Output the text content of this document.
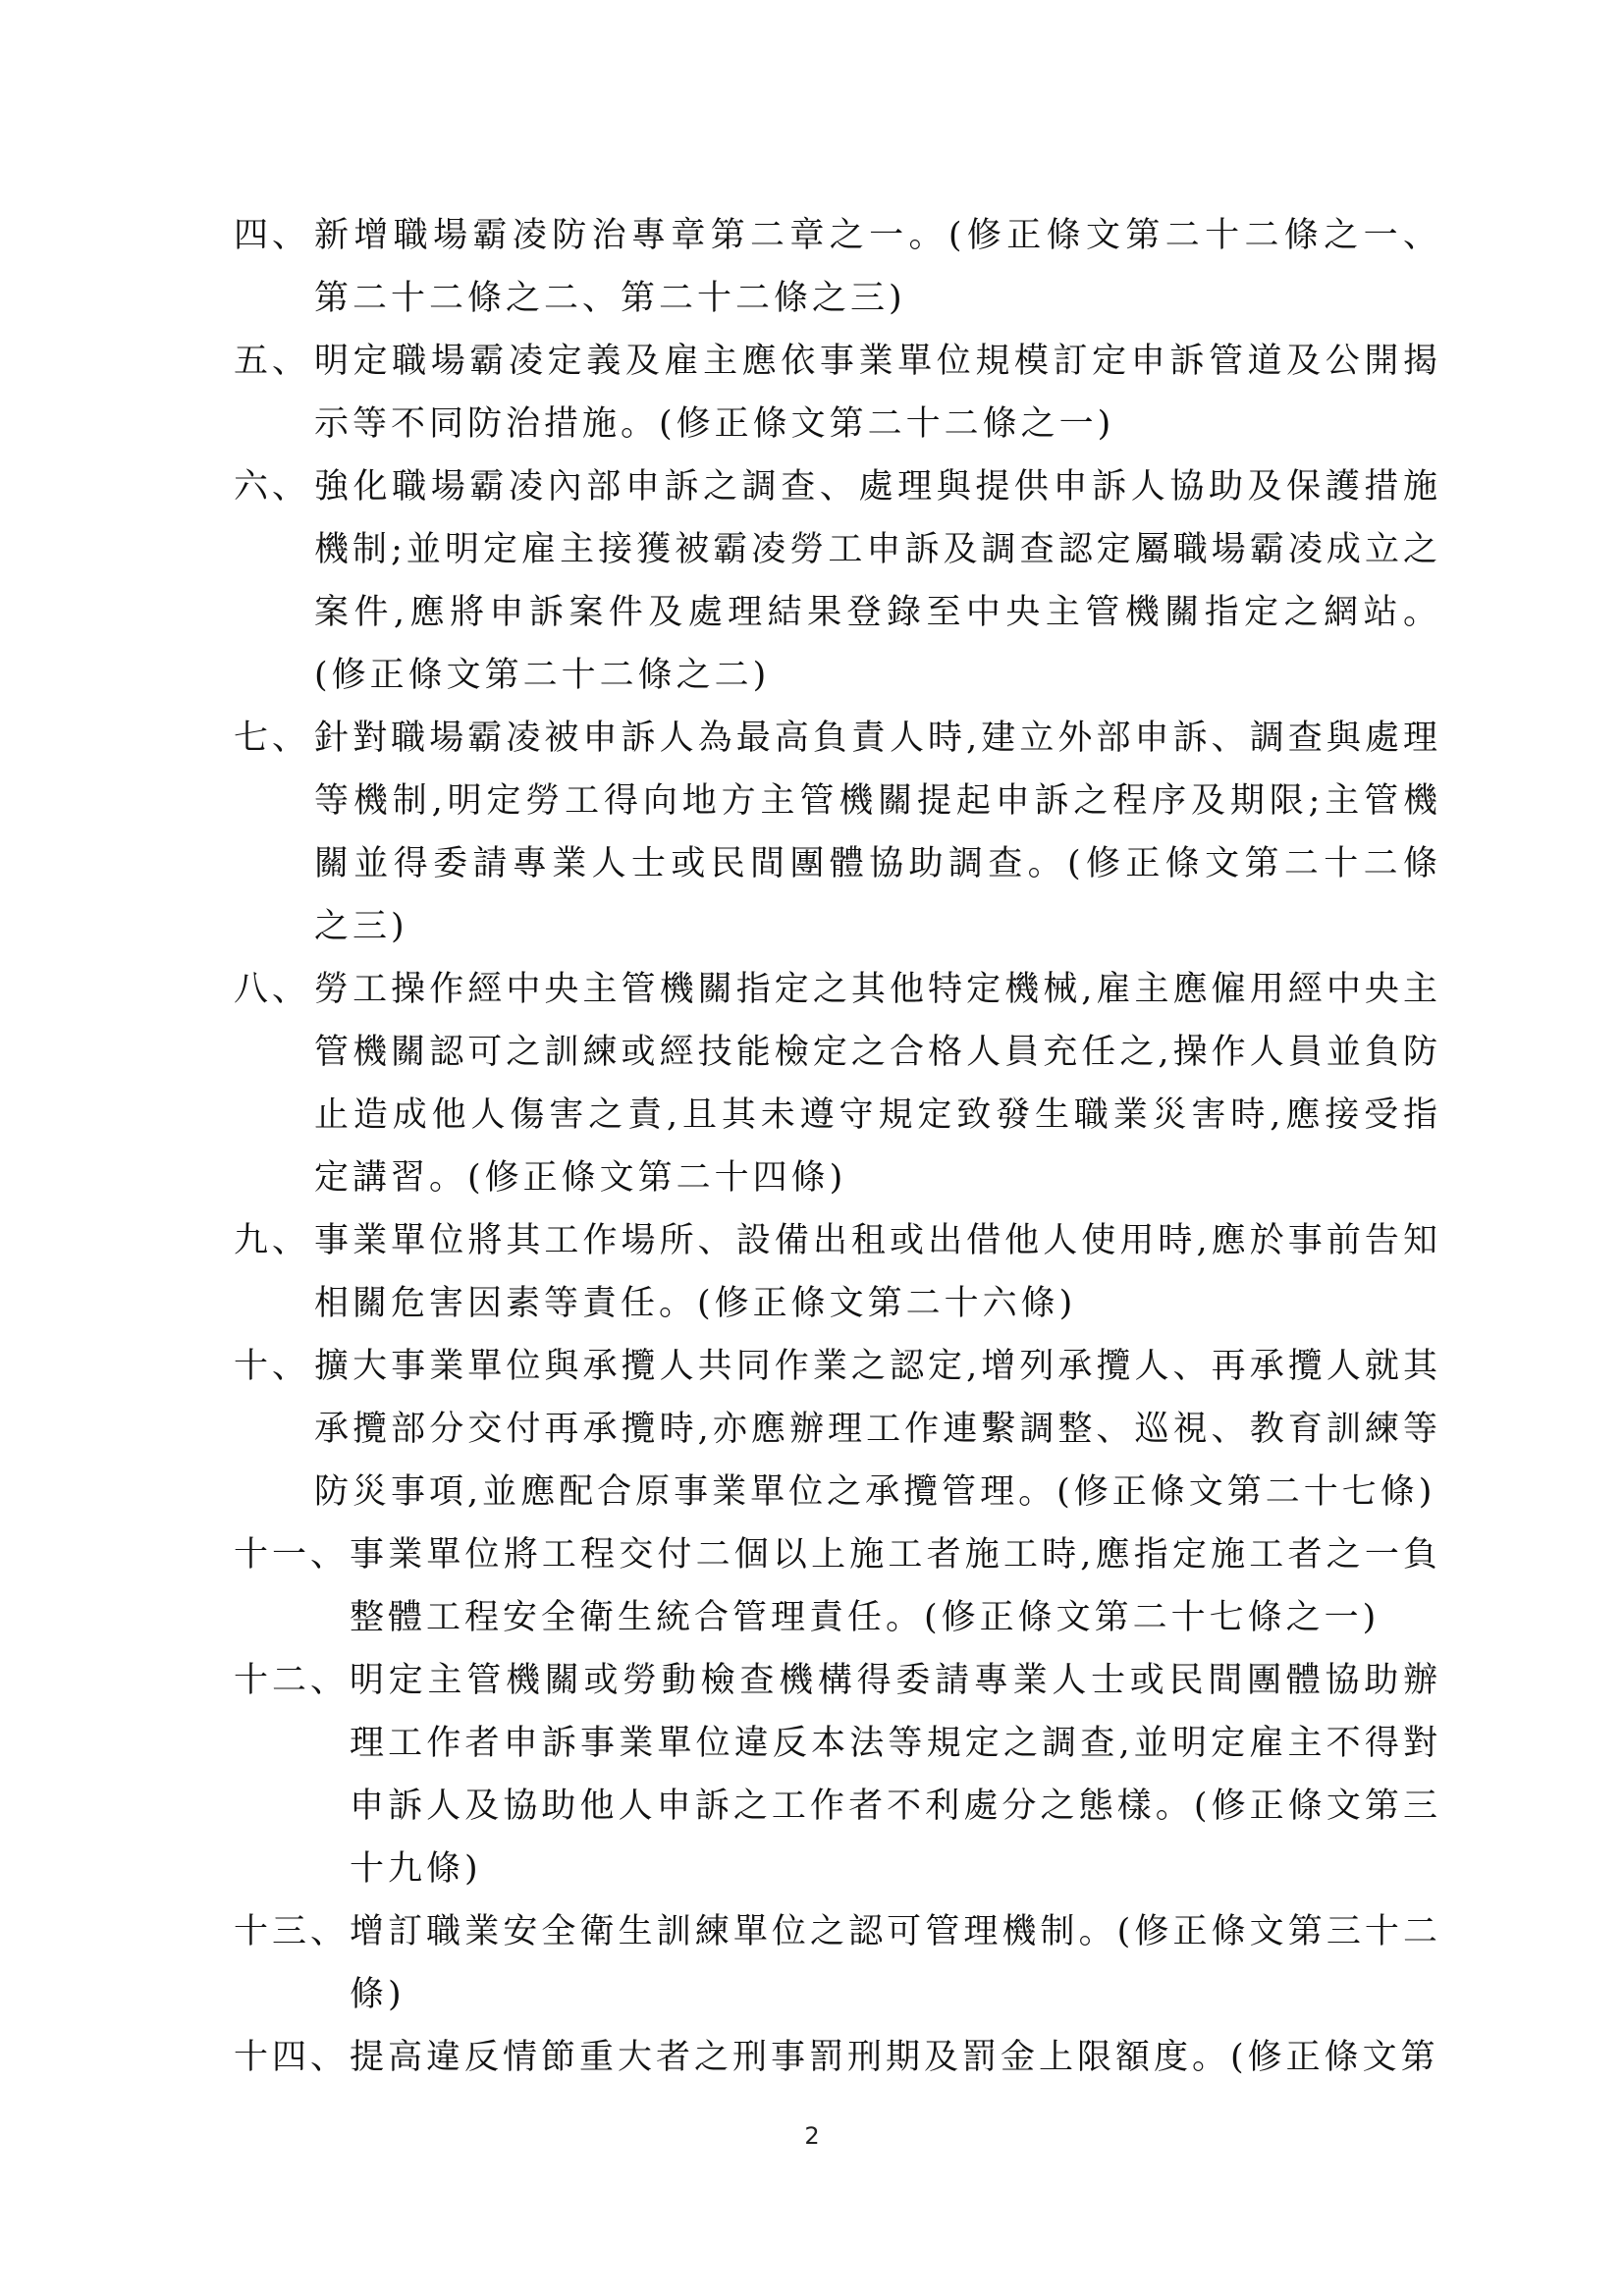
四、 新增職場霸凌防治專章第二章之一。(修正條文第二十二條之一、第二十二條之二、第二十二條之三)
五、 明定職場霸凌定義及雇主應依事業單位規模訂定申訴管道及公開揭示等不同防治措施。(修正條文第二十二條之一)
六、 強化職場霸凌內部申訴之調查、處理與提供申訴人協助及保護措施機制;並明定雇主接獲被霸凌勞工申訴及調查認定屬職場霸凌成立之案件,應將申訴案件及處理結果登錄至中央主管機關指定之網站。(修正條文第二十二條之二)
七、 針對職場霸凌被申訴人為最高負責人時,建立外部申訴、調查與處理等機制,明定勞工得向地方主管機關提起申訴之程序及期限;主管機關並得委請專業人士或民間團體協助調查。(修正條文第二十二條之三)
八、 勞工操作經中央主管機關指定之其他特定機械,雇主應僱用經中央主管機關認可之訓練或經技能檢定之合格人員充任之,操作人員並負防止造成他人傷害之責,且其未遵守規定致發生職業災害時,應接受指定講習。(修正條文第二十四條)
九、 事業單位將其工作場所、設備出租或出借他人使用時,應於事前告知相關危害因素等責任。(修正條文第二十六條)
十、 擴大事業單位與承攬人共同作業之認定,增列承攬人、再承攬人就其承攬部分交付再承攬時,亦應辦理工作連繫調整、巡視、教育訓練等防災事項,並應配合原事業單位之承攬管理。(修正條文第二十七條)
十一、 事業單位將工程交付二個以上施工者施工時,應指定施工者之一負整體工程安全衛生統合管理責任。(修正條文第二十七條之一)
十二、 明定主管機關或勞動檢查機構得委請專業人士或民間團體協助辦理工作者申訴事業單位違反本法等規定之調查,並明定雇主不得對申訴人及協助他人申訴之工作者不利處分之態樣。(修正條文第三十九條)
十三、 增訂職業安全衛生訓練單位之認可管理機制。(修正條文第三十二條)
十四、 提高違反情節重大者之刑事罰刑期及罰金上限額度。(修正條文第
2
